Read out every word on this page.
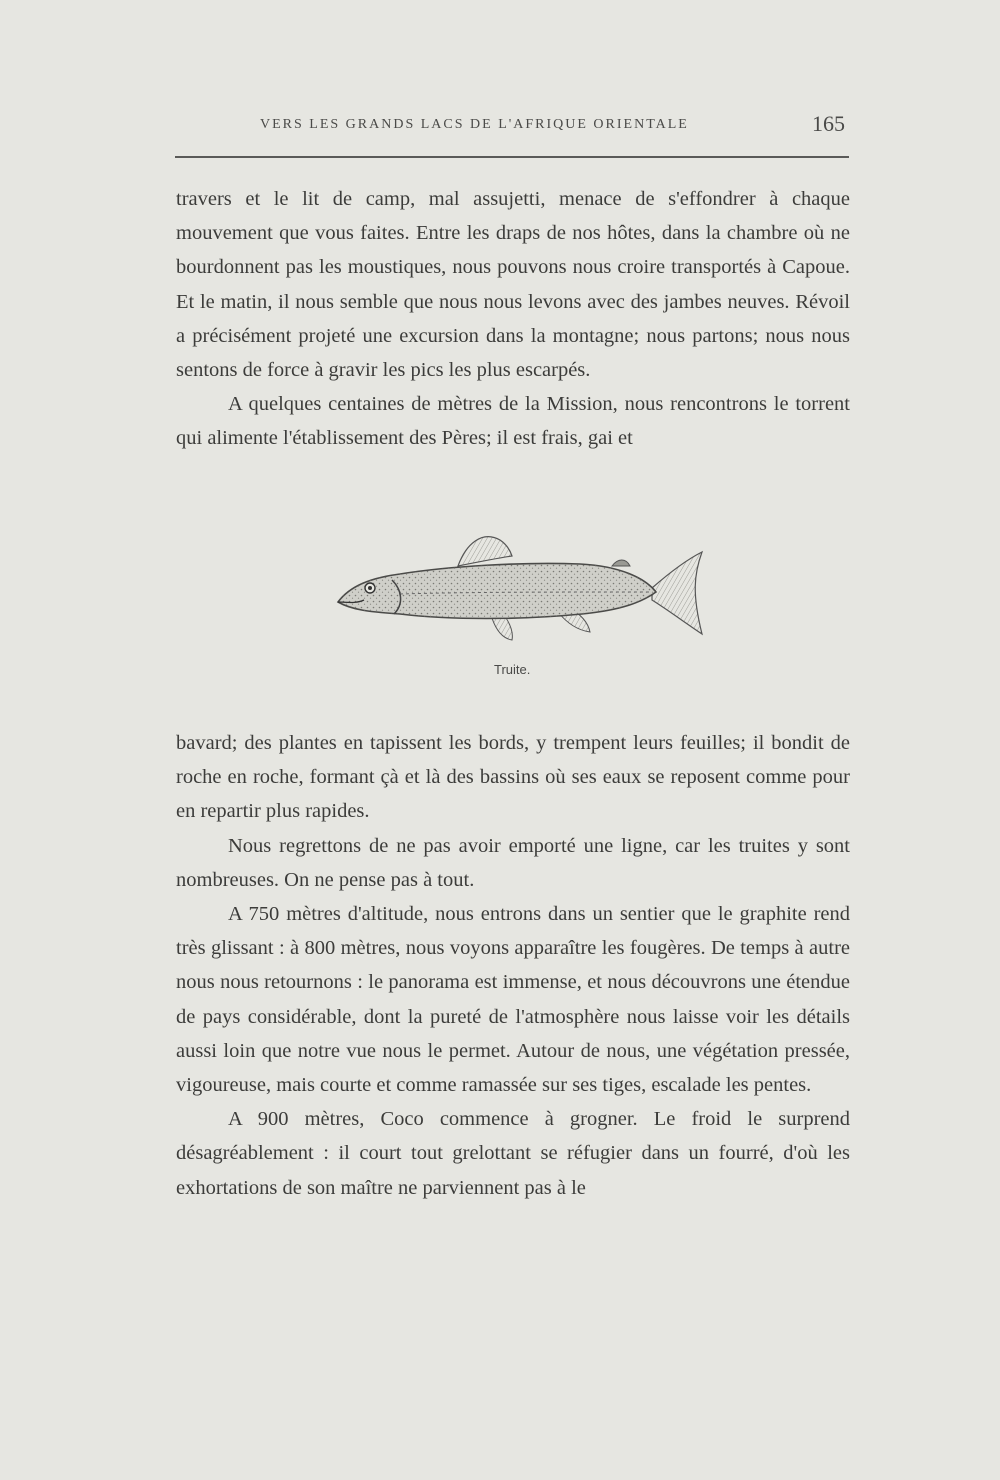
VERS LES GRANDS LACS DE L'AFRIQUE ORIENTALE	165

travers et le lit de camp, mal assujetti, menace de s'effondrer à chaque mouvement que vous faites. Entre les draps de nos hôtes, dans la chambre où ne bourdonnent pas les moustiques, nous pouvons nous croire transportés à Capoue. Et le matin, il nous semble que nous nous levons avec des jambes neuves. Révoil a précisément projeté une excursion dans la montagne; nous partons; nous nous sentons de force à gravir les pics les plus escarpés.

A quelques centaines de mètres de la Mission, nous rencontrons le torrent qui alimente l'établissement des Pères; il est frais, gai et

Truite.

bavard; des plantes en tapissent les bords, y trempent leurs feuilles; il bondit de roche en roche, formant çà et là des bassins où ses eaux se reposent comme pour en repartir plus rapides.

Nous regrettons de ne pas avoir emporté une ligne, car les truites y sont nombreuses. On ne pense pas à tout.

A 750 mètres d'altitude, nous entrons dans un sentier que le graphite rend très glissant : à 800 mètres, nous voyons apparaître les fougères. De temps à autre nous nous retournons : le panorama est immense, et nous découvrons une étendue de pays considérable, dont la pureté de l'atmosphère nous laisse voir les détails aussi loin que notre vue nous le permet. Autour de nous, une végétation pressée, vigoureuse, mais courte et comme ramassée sur ses tiges, escalade les pentes.

A 900 mètres, Coco commence à grogner. Le froid le surprend désagréablement : il court tout grelottant se réfugier dans un fourré, d'où les exhortations de son maître ne parviennent pas à le
